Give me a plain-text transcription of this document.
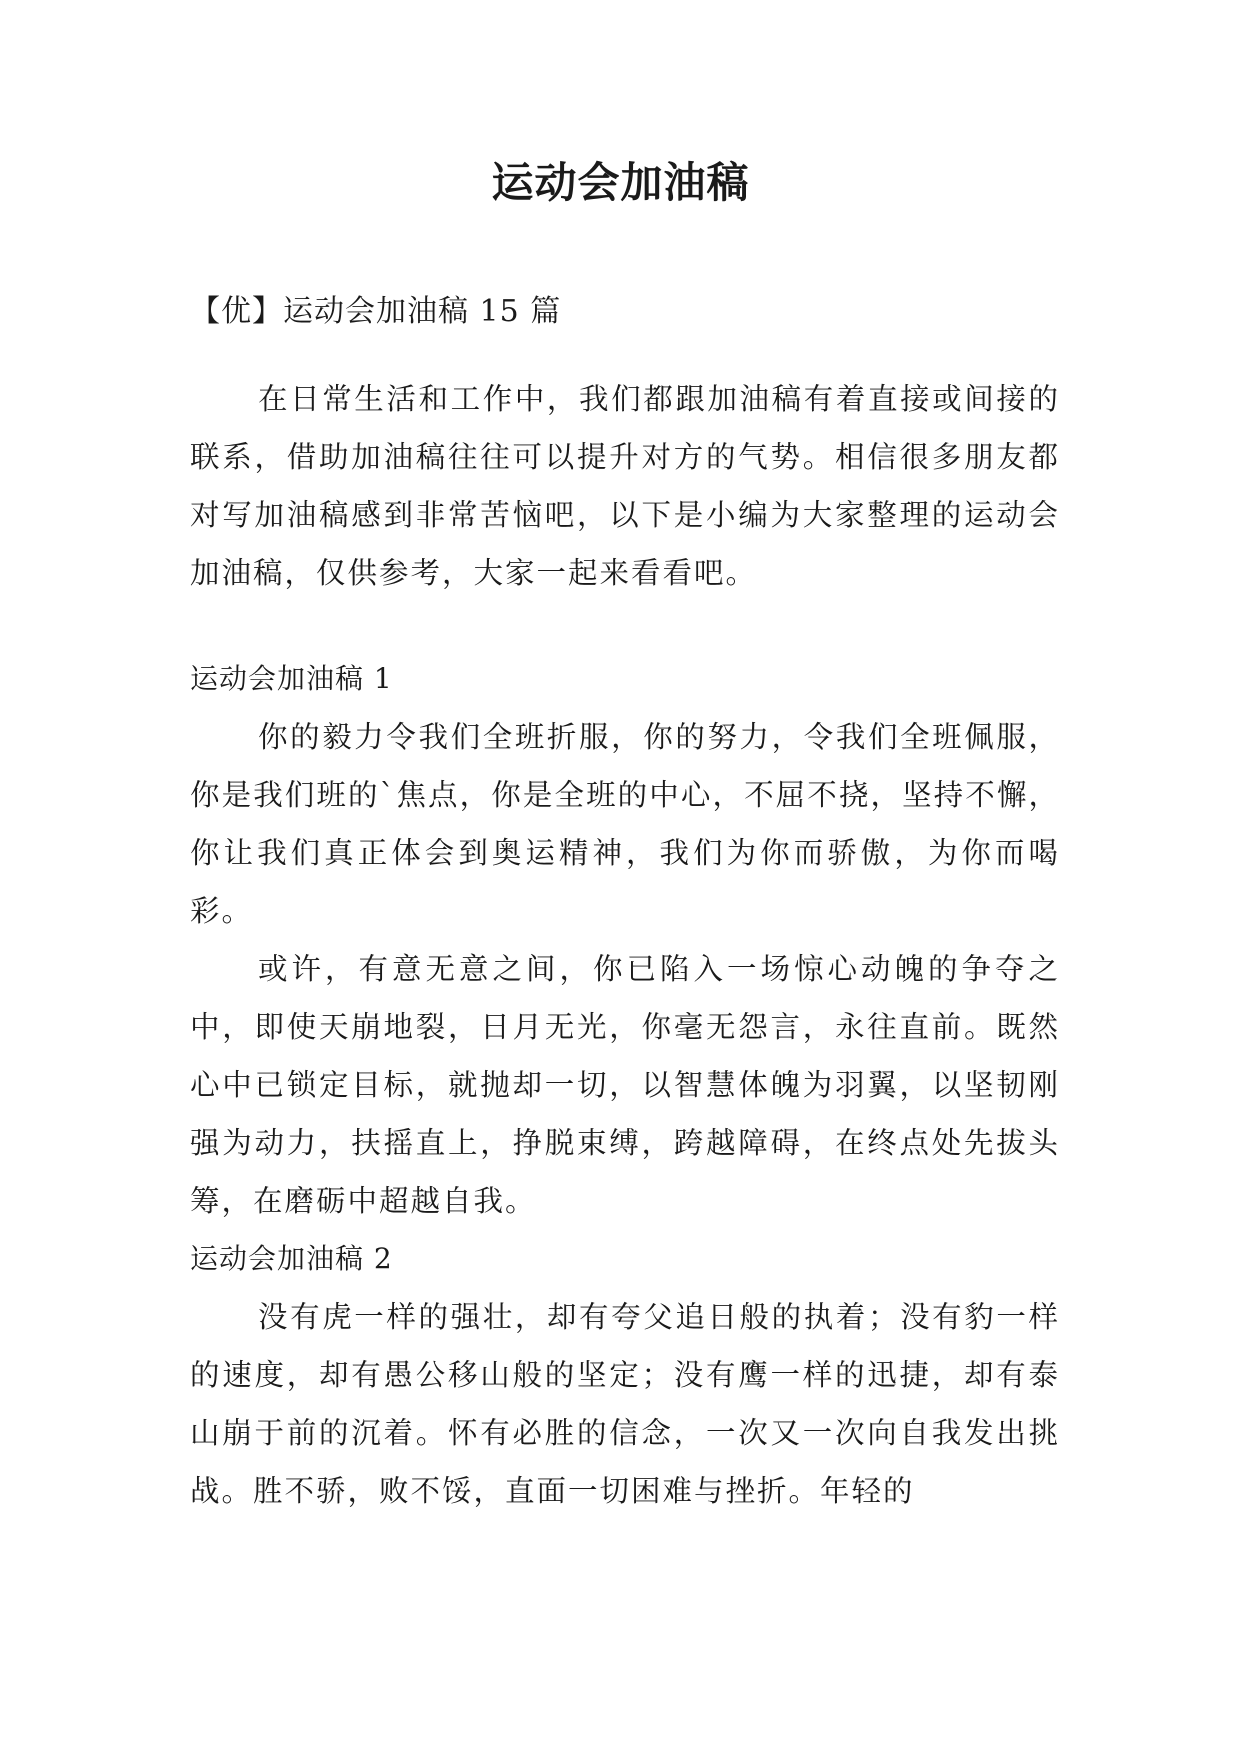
运动会加油稿
【优】运动会加油稿 15 篇

在日常生活和工作中，我们都跟加油稿有着直接或间接的联系，借助加油稿往往可以提升对方的气势。相信很多朋友都对写加油稿感到非常苦恼吧，以下是小编为大家整理的运动会加油稿，仅供参考，大家一起来看看吧。

运动会加油稿 1

你的毅力令我们全班折服，你的努力，令我们全班佩服，你是我们班的`焦点，你是全班的中心，不屈不挠，坚持不懈，你让我们真正体会到奥运精神，我们为你而骄傲，为你而喝彩。

或许，有意无意之间，你已陷入一场惊心动魄的争夺之中，即使天崩地裂，日月无光，你毫无怨言，永往直前。既然心中已锁定目标，就抛却一切，以智慧体魄为羽翼，以坚韧刚强为动力，扶摇直上，挣脱束缚，跨越障碍，在终点处先拔头筹，在磨砺中超越自我。

运动会加油稿 2

没有虎一样的强壮，却有夸父追日般的执着；没有豹一样的速度，却有愚公移山般的坚定；没有鹰一样的迅捷，却有泰山崩于前的沉着。怀有必胜的信念，一次又一次向自我发出挑战。胜不骄，败不馁，直面一切困难与挫折。年轻的
